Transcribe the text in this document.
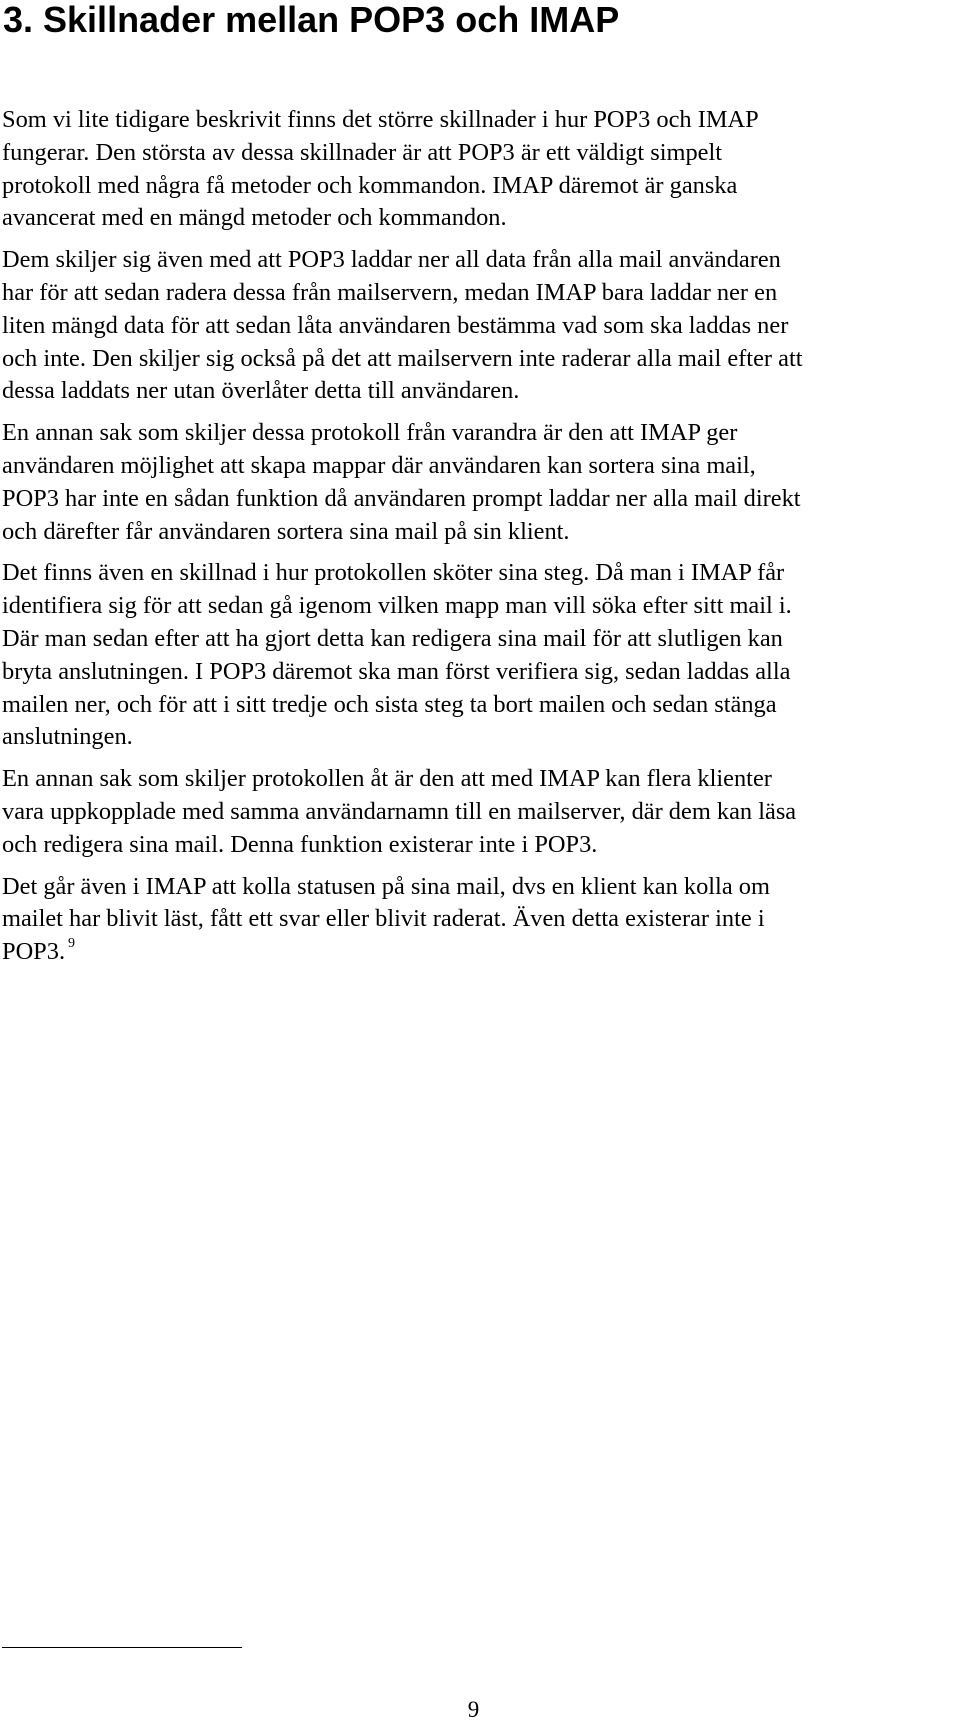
3. Skillnader mellan POP3 och IMAP

Som vi lite tidigare beskrivit finns det större skillnader i hur POP3 och IMAP
fungerar. Den största av dessa skillnader är att POP3 är ett väldigt simpelt
protokoll med några få metoder och kommandon. IMAP däremot är ganska
avancerat med en mängd metoder och kommandon.

Dem skiljer sig även med att POP3 laddar ner all data från alla mail användaren
har för att sedan radera dessa från mailservern, medan IMAP bara laddar ner en
liten mängd data för att sedan låta användaren bestämma vad som ska laddas ner
och inte. Den skiljer sig också på det att mailservern inte raderar alla mail efter att
dessa laddats ner utan överlåter detta till användaren.

En annan sak som skiljer dessa protokoll från varandra är den att IMAP ger
användaren möjlighet att skapa mappar där användaren kan sortera sina mail,
POP3 har inte en sådan funktion då användaren prompt laddar ner alla mail direkt
och därefter får användaren sortera sina mail på sin klient.

Det finns även en skillnad i hur protokollen sköter sina steg. Då man i IMAP får
identifiera sig för att sedan gå igenom vilken mapp man vill söka efter sitt mail i.
Där man sedan efter att ha gjort detta kan redigera sina mail för att slutligen kan
bryta anslutningen. I POP3 däremot ska man först verifiera sig, sedan laddas alla
mailen ner, och för att i sitt tredje och sista steg ta bort mailen och sedan stänga
anslutningen.

En annan sak som skiljer protokollen åt är den att med IMAP kan flera klienter
vara uppkopplade med samma användarnamn till en mailserver, där dem kan läsa
och redigera sina mail. Denna funktion existerar inte i POP3.

Det går även i IMAP att kolla statusen på sina mail, dvs en klient kan kolla om
mailet har blivit läst, fått ett svar eller blivit raderat. Även detta existerar inte i
POP3. $^9$

9
